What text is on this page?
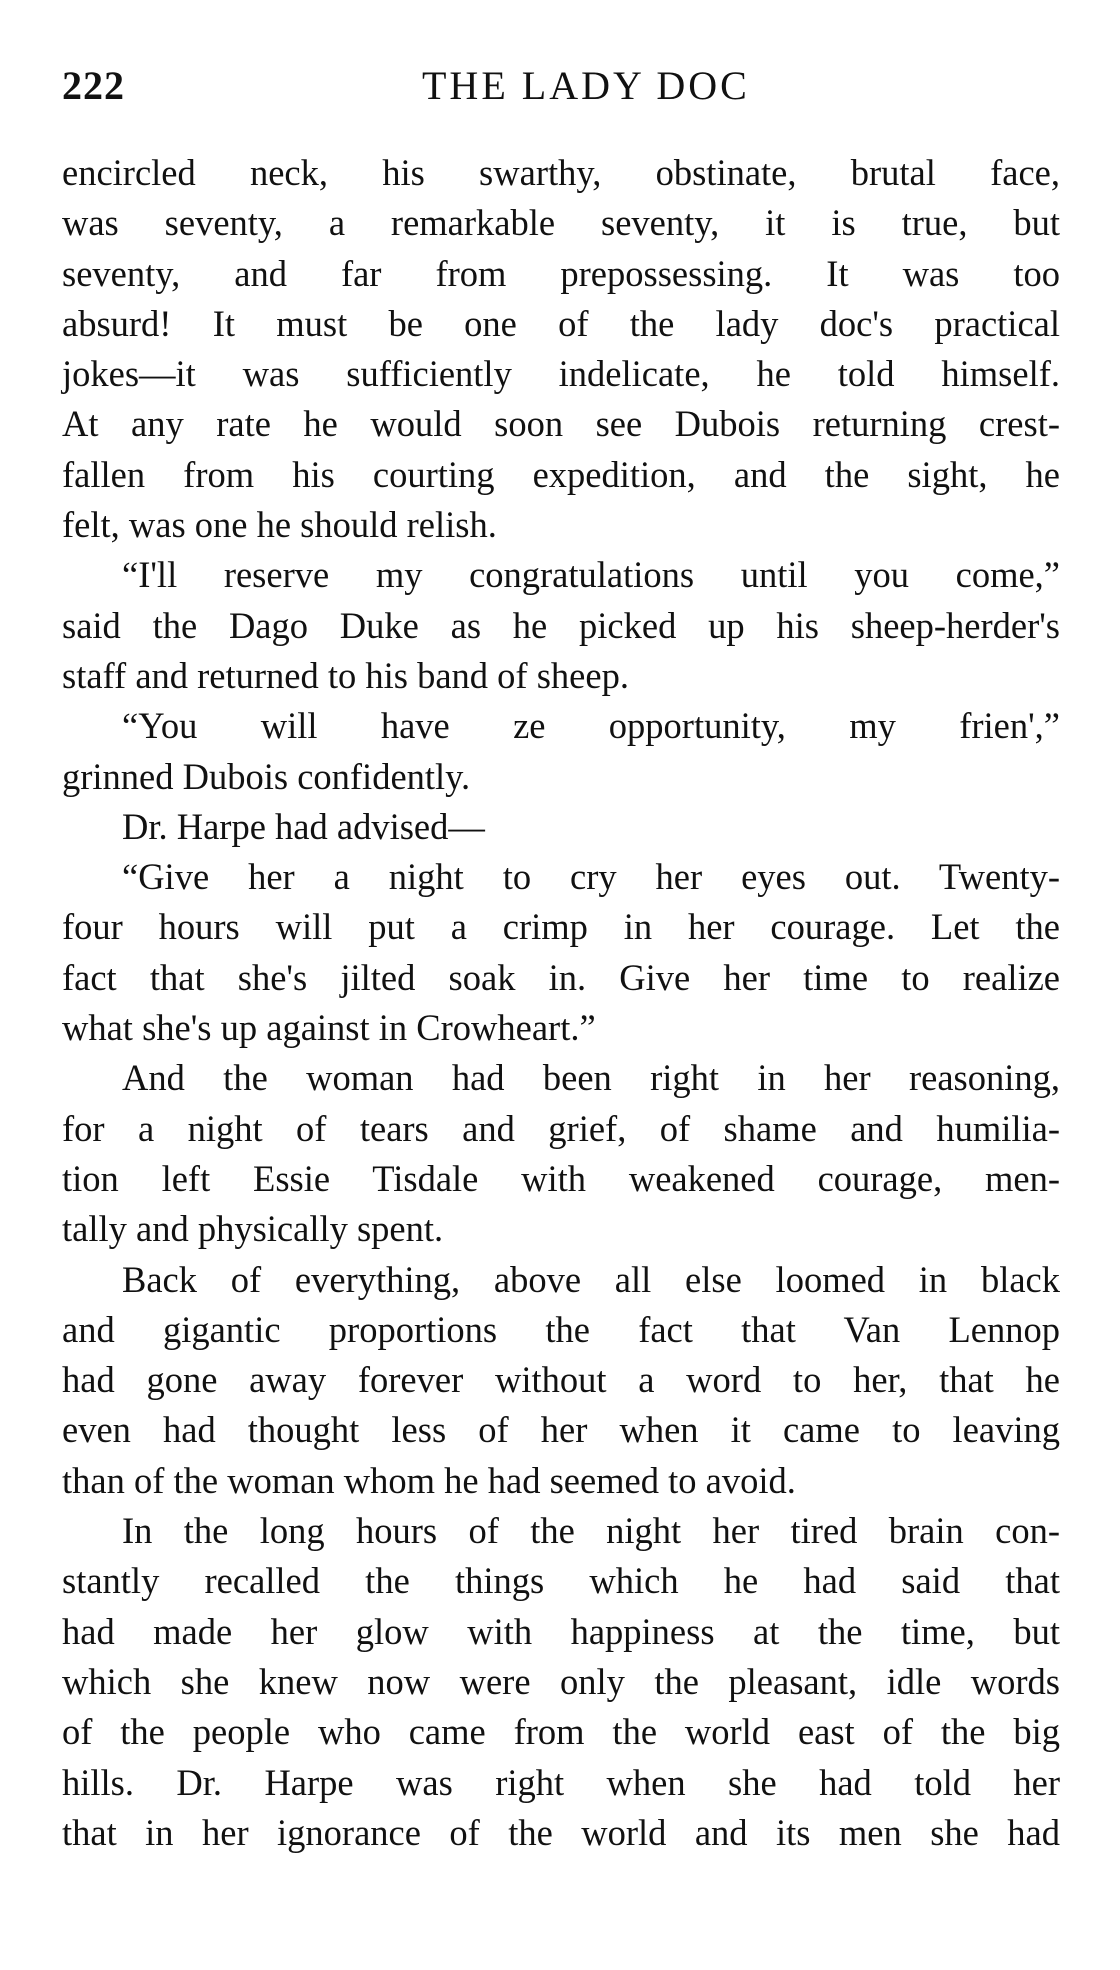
222	THE LADY DOC
encircled neck, his swarthy, obstinate, brutal face,
was seventy, a remarkable seventy, it is true, but
seventy, and far from prepossessing. It was too
absurd! It must be one of the lady doc's practical
jokes—it was sufficiently indelicate, he told himself.
At any rate he would soon see Dubois returning crest-
fallen from his courting expedition, and the sight, he
felt, was one he should relish.
“I'll reserve my congratulations until you come,”
said the Dago Duke as he picked up his sheep-herder's
staff and returned to his band of sheep.
“You will have ze opportunity, my frien',”
grinned Dubois confidently.
Dr. Harpe had advised—
“Give her a night to cry her eyes out. Twenty-
four hours will put a crimp in her courage. Let the
fact that she's jilted soak in. Give her time to realize
what she's up against in Crowheart.”
And the woman had been right in her reasoning,
for a night of tears and grief, of shame and humilia-
tion left Essie Tisdale with weakened courage, men-
tally and physically spent.
Back of everything, above all else loomed in black
and gigantic proportions the fact that Van Lennop
had gone away forever without a word to her, that he
even had thought less of her when it came to leaving
than of the woman whom he had seemed to avoid.
In the long hours of the night her tired brain con-
stantly recalled the things which he had said that
had made her glow with happiness at the time, but
which she knew now were only the pleasant, idle words
of the people who came from the world east of the big
hills. Dr. Harpe was right when she had told her
that in her ignorance of the world and its men she had
